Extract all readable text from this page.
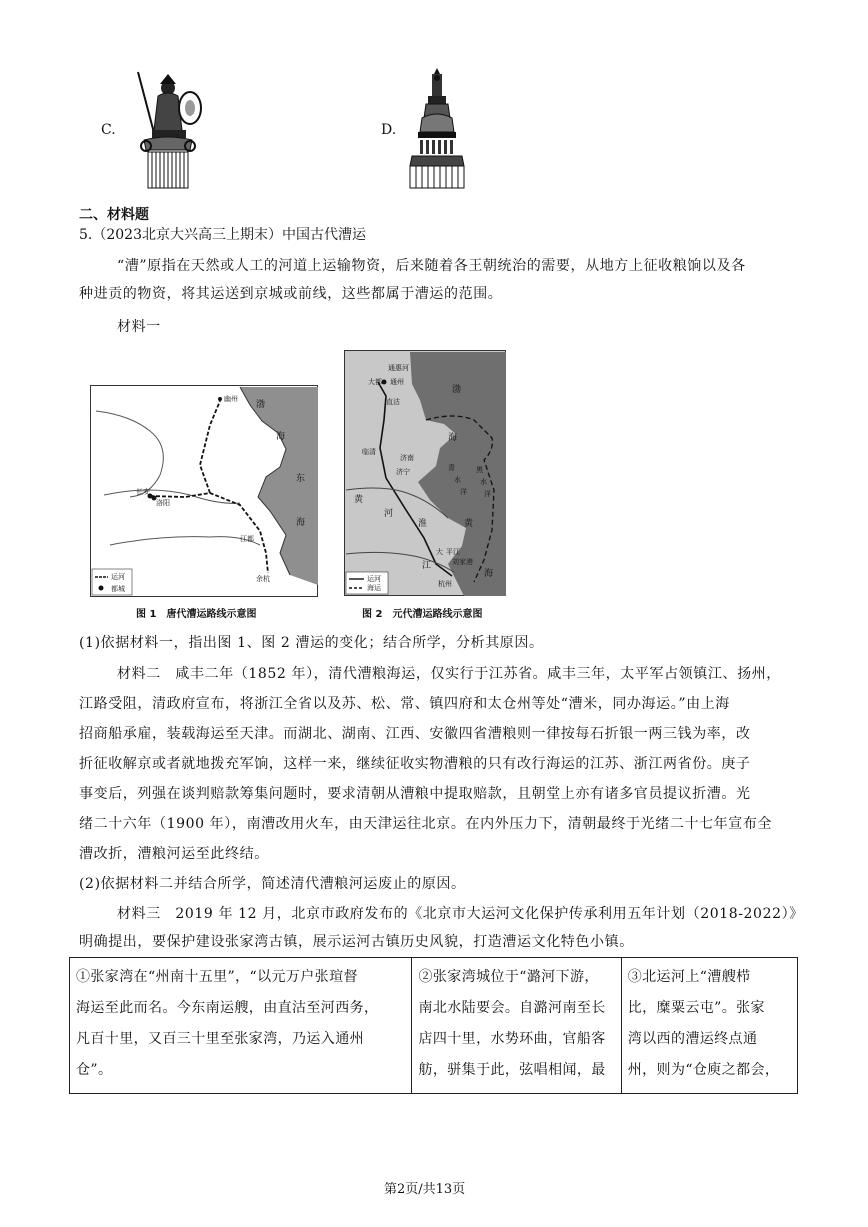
C.	D.
二、材料题
5.（2023北京大兴高三上期末）中国古代漕运
“漕”原指在天然或人工的河道上运输物资，后来随着各王朝统治的需要，从地方上征收粮饷以及各
种进贡的物资，将其运送到京城或前线，这些都属于漕运的范围。
材料一
幽州
长安
洛阳
江都
余杭
渤
海
东
海
运河
都城
图 1　唐代漕运路线示意图
通惠河
大都 通州
直沽
临清
济南
济宁
黄
河
淮
江
大 平江
刘家港
杭州
渤
海
青
水
洋
黑
水
洋
黄
海
运河
海运
图 2　元代漕运路线示意图
(1)依据材料一，指出图 1、图 2 漕运的变化；结合所学，分析其原因。
材料二　咸丰二年（1852 年），清代漕粮海运，仅实行于江苏省。咸丰三年，太平军占领镇江、扬州，
江路受阻，清政府宣布，将浙江全省以及苏、松、常、镇四府和太仓州等处“漕米，同办海运。”由上海
招商船承雇，装载海运至天津。而湖北、湖南、江西、安徽四省漕粮则一律按每石折银一两三钱为率，改
折征收解京或者就地拨充军饷，这样一来，继续征收实物漕粮的只有改行海运的江苏、浙江两省份。庚子
事变后，列强在谈判赔款筹集问题时，要求清朝从漕粮中提取赔款，且朝堂上亦有诸多官员提议折漕。光
绪二十六年（1900 年），南漕改用火车，由天津运往北京。在内外压力下，清朝最终于光绪二十七年宣布全
漕改折，漕粮河运至此终结。
(2)依据材料二并结合所学，简述清代漕粮河运废止的原因。
材料三　2019 年 12 月，北京市政府发布的《北京市大运河文化保护传承利用五年计划（2018-2022）》
明确提出，要保护建设张家湾古镇，展示运河古镇历史风貌，打造漕运文化特色小镇。
①张家湾在“州南十五里”，“以元万户张瑄督
海运至此而名。今东南运艘，由直沽至河西务，
凡百十里，又百三十里至张家湾，乃运入通州
仓”。

②张家湾城位于“潞河下游，
南北水陆要会。自潞河南至长
店四十里，水势环曲，官船客
舫，骈集于此，弦唱相闻，最

③北运河上“漕艘栉
比，糜粟云屯”。张家
湾以西的漕运终点通
州，则为“仓庾之都会，
第2页/共13页
